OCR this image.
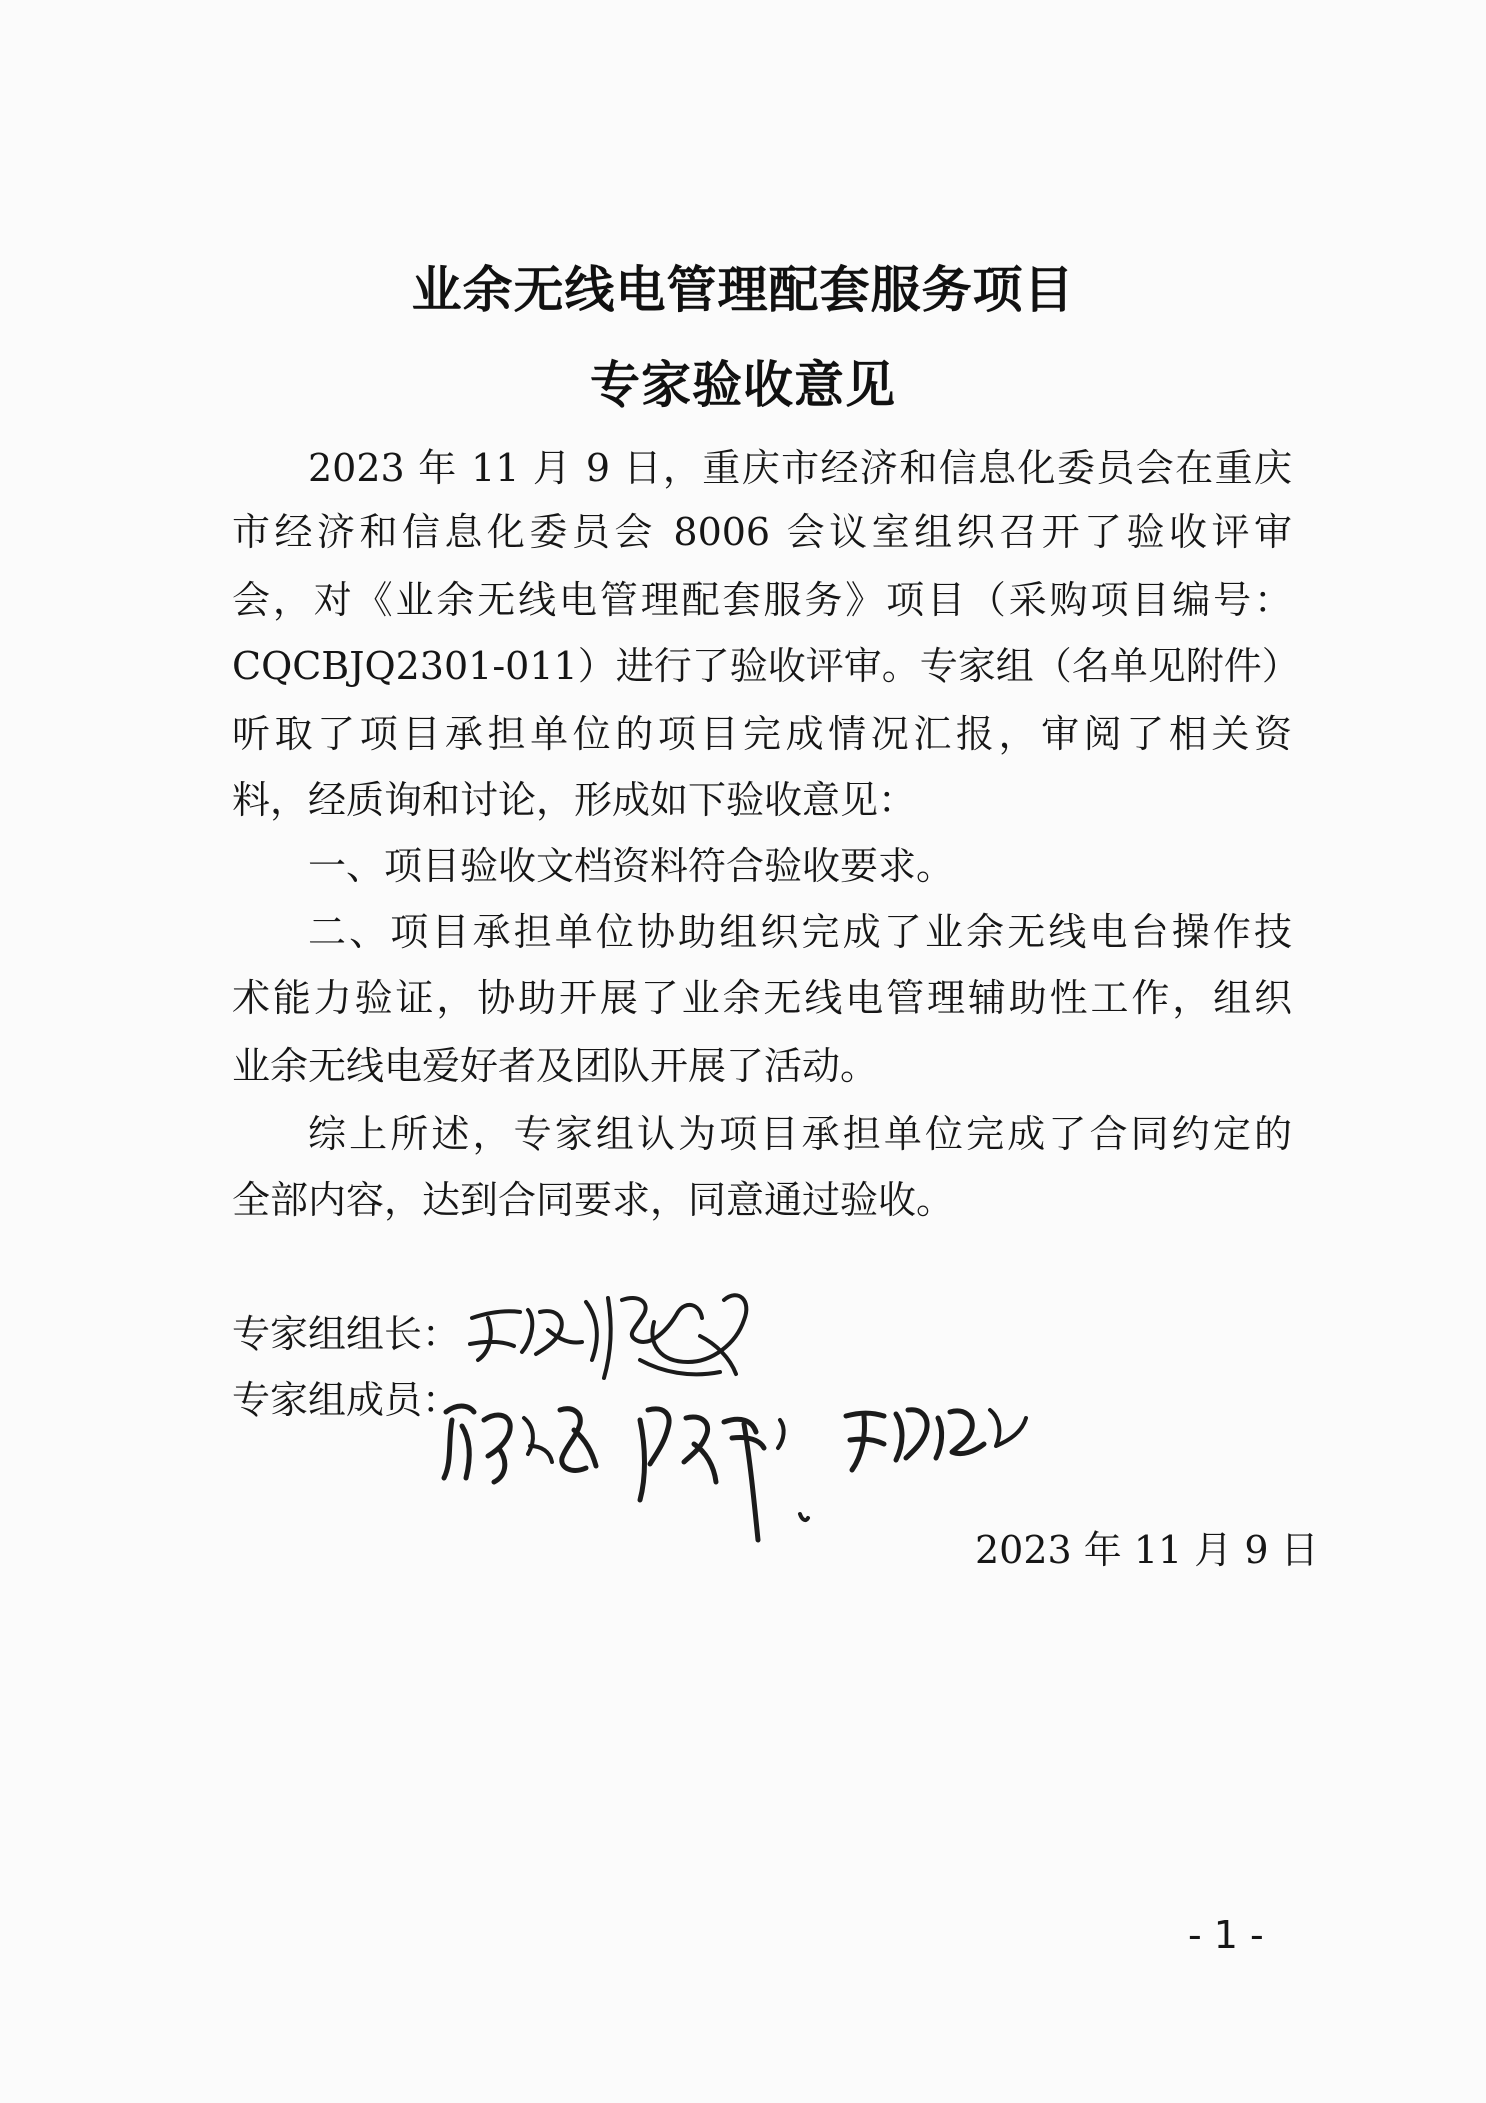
业余无线电管理配套服务项目
专家验收意见
2023 年 11 月 9 日，重庆市经济和信息化委员会在重庆
市经济和信息化委员会 8006 会议室组织召开了验收评审
会，对《业余无线电管理配套服务》项目（采购项目编号：
CQCBJQ2301-011）进行了验收评审。专家组（名单见附件）
听取了项目承担单位的项目完成情况汇报，审阅了相关资
料，经质询和讨论，形成如下验收意见：
一、项目验收文档资料符合验收要求。
二、项目承担单位协助组织完成了业余无线电台操作技
术能力验证，协助开展了业余无线电管理辅助性工作，组织
业余无线电爱好者及团队开展了活动。
综上所述，专家组认为项目承担单位完成了合同约定的
全部内容，达到合同要求，同意通过验收。
专家组组长：
专家组成员：
2023 年 11 月 9 日
- 1 -
